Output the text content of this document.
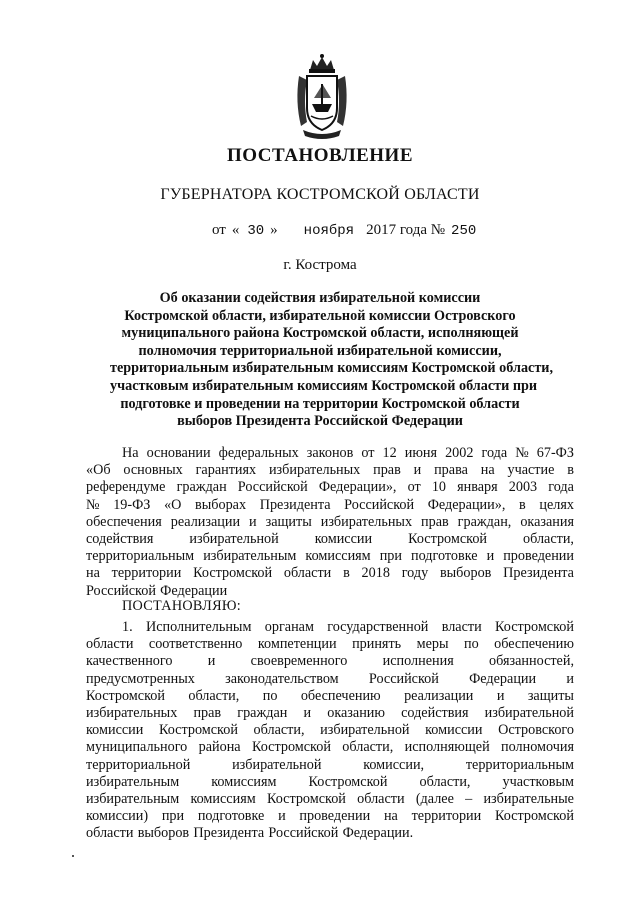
ПОСТАНОВЛЕНИЕ
ГУБЕРНАТОРА КОСТРОМСКОЙ ОБЛАСТИ
от « 30 » ноября 2017 года № 250
г. Кострома
Об оказании содействия избирательной комиссии
Костромской области, избирательной комиссии Островского
муниципального района Костромской области, исполняющей
полномочия территориальной избирательной комиссии,
территориальным избирательным комиссиям Костромской области,
участковым избирательным комиссиям Костромской области при
подготовке и проведении на территории Костромской области
выборов Президента Российской Федерации
На основании федеральных законов от 12 июня 2002 года № 67-ФЗ
«Об основных гарантиях избирательных прав и права на участие в
референдуме граждан Российской Федерации», от 10 января 2003 года
№ 19-ФЗ «О выборах Президента Российской Федерации», в целях
обеспечения реализации и защиты избирательных прав граждан, оказания
содействия	избирательной	комиссии	Костромской	области,
территориальным избирательным комиссиям при подготовке и проведении
на территории Костромской области в 2018 году выборов Президента
Российской Федерации
ПОСТАНОВЛЯЮ:
1. Исполнительным органам государственной власти Костромской
области соответственно компетенции принять меры по обеспечению
качественного и своевременного исполнения обязанностей,
предусмотренных законодательством Российской Федерации и
Костромской области, по обеспечению реализации и защиты
избирательных прав граждан и оказанию содействия избирательной
комиссии Костромской области, избирательной комиссии Островского
муниципального района Костромской области, исполняющей полномочия
территориальной	избирательной	комиссии,	территориальным
избирательным комиссиям Костромской области, участковым
избирательным комиссиям Костромской области (далее – избирательные
комиссии) при подготовке и проведении на территории Костромской
области выборов Президента Российской Федерации.
